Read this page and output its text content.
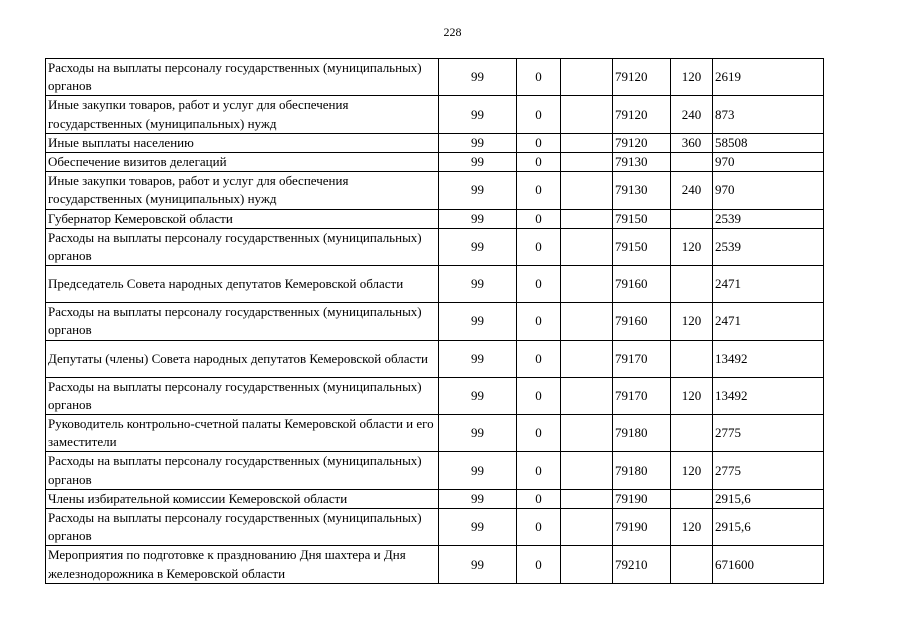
228
Расходы на выплаты персоналу государственных (муниципальных) органов	99	0		79120	120	2619
Иные закупки товаров, работ и услуг для обеспечения государственных (муниципальных) нужд	99	0		79120	240	873
Иные выплаты населению	99	0		79120	360	58508
Обеспечение визитов делегаций	99	0		79130		970
Иные закупки товаров, работ и услуг для обеспечения государственных (муниципальных) нужд	99	0		79130	240	970
Губернатор Кемеровской области	99	0		79150		2539
Расходы на выплаты персоналу государственных (муниципальных) органов	99	0		79150	120	2539
Председатель Совета народных депутатов Кемеровской области	99	0		79160		2471
Расходы на выплаты персоналу государственных (муниципальных) органов	99	0		79160	120	2471
Депутаты (члены) Совета народных депутатов Кемеровской области	99	0		79170		13492
Расходы на выплаты персоналу государственных (муниципальных) органов	99	0		79170	120	13492
Руководитель контрольно-счетной палаты Кемеровской области и его заместители	99	0		79180		2775
Расходы на выплаты персоналу государственных (муниципальных) органов	99	0		79180	120	2775
Члены избирательной комиссии Кемеровской области	99	0		79190		2915,6
Расходы на выплаты персоналу государственных (муниципальных) органов	99	0		79190	120	2915,6
Мероприятия по подготовке к празднованию Дня шахтера и Дня железнодорожника в Кемеровской области	99	0		79210		671600
